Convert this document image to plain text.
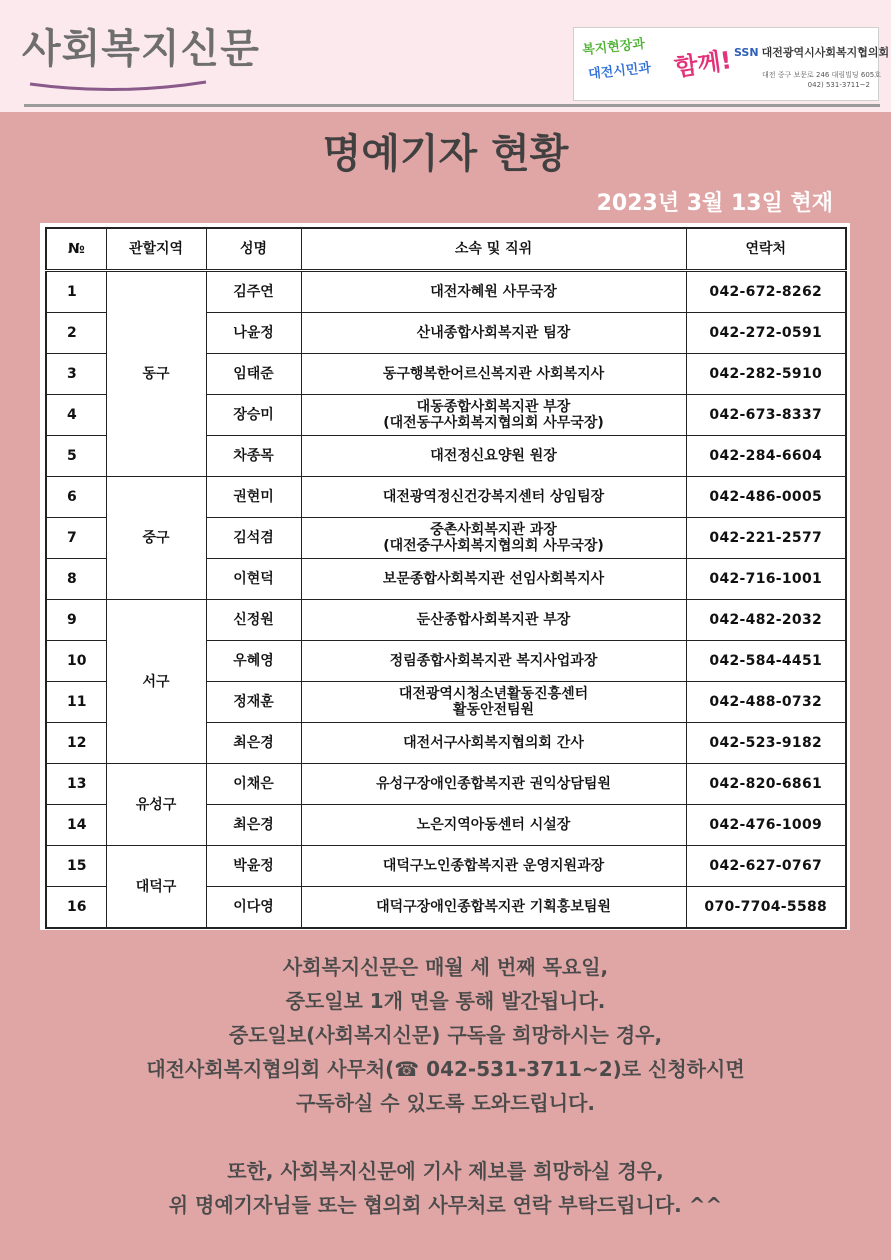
사회복지신문	복지현장과
대전시민과 함께! SSN 대전광역시사회복지협의회
대전 중구 보문로 246 대림빌딩 605호
042) 531-3711~2
명예기자 현황
2023년 3월 13일 현재
№	관할지역	성명	소속 및 직위	연락처
1	동구	김주연	대전자혜원 사무국장	042-672-8262
2		나윤정	산내종합사회복지관 팀장	042-272-0591
3		임태준	동구행복한어르신복지관 사회복지사	042-282-5910
4		장승미	대동종합사회복지관 부장
(대전동구사회복지협의회 사무국장)	042-673-8337
5		차종목	대전정신요양원 원장	042-284-6604
6	중구	권현미	대전광역정신건강복지센터 상임팀장	042-486-0005
7		김석겸	중촌사회복지관 과장
(대전중구사회복지협의회 사무국장)	042-221-2577
8		이현덕	보문종합사회복지관 선임사회복지사	042-716-1001
9	서구	신정원	둔산종합사회복지관 부장	042-482-2032
10		우혜영	정림종합사회복지관 복지사업과장	042-584-4451
11		정재훈	대전광역시청소년활동진흥센터
활동안전팀원	042-488-0732
12		최은경	대전서구사회복지협의회 간사	042-523-9182
13	유성구	이채은	유성구장애인종합복지관 권익상담팀원	042-820-6861
14		최은경	노은지역아동센터 시설장	042-476-1009
15	대덕구	박윤정	대덕구노인종합복지관 운영지원과장	042-627-0767
16		이다영	대덕구장애인종합복지관 기획홍보팀원	070-7704-5588

사회복지신문은 매월 세 번째 목요일,

중도일보 1개 면을 통해 발간됩니다.

중도일보(사회복지신문) 구독을 희망하시는 경우,

대전사회복지협의회 사무처(☎ 042-531-3711~2)로 신청하시면

구독하실 수 있도록 도와드립니다.

또한, 사회복지신문에 기사 제보를 희망하실 경우,

위 명예기자님들 또는 협의회 사무처로 연락 부탁드립니다. ^^
